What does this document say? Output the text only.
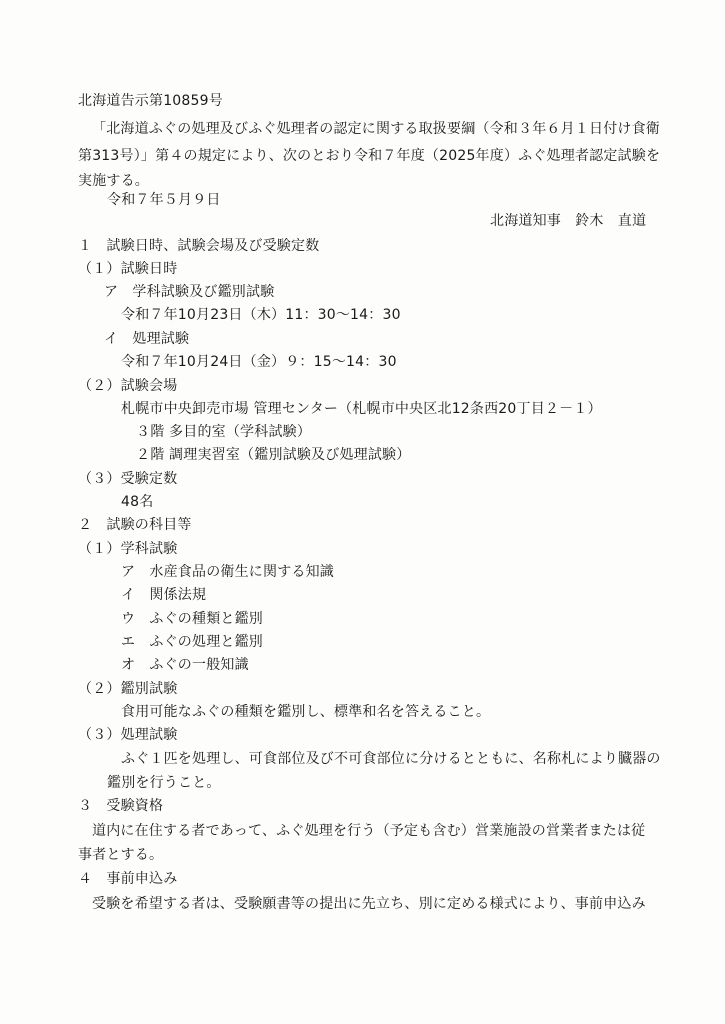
北海道告示第10859号
「北海道ふぐの処理及びふぐ処理者の認定に関する取扱要綱（令和３年６月１日付け食衛
第313号）」第４の規定により、次のとおり令和７年度（2025年度）ふぐ処理者認定試験を
実施する。
令和７年５月９日
北海道知事　鈴木　直道
１　試験日時、試験会場及び受験定数
（１）試験日時
ア　学科試験及び鑑別試験
令和７年10月23日（木）11：30～14：30
イ　処理試験
令和７年10月24日（金）９：15～14：30
（２）試験会場
札幌市中央卸売市場 管理センター（札幌市中央区北12条西20丁目２－１）
３階 多目的室（学科試験）
２階 調理実習室（鑑別試験及び処理試験）
（３）受験定数
48名
２　試験の科目等
（１）学科試験
ア　水産食品の衛生に関する知識
イ　関係法規
ウ　ふぐの種類と鑑別
エ　ふぐの処理と鑑別
オ　ふぐの一般知識
（２）鑑別試験
食用可能なふぐの種類を鑑別し、標準和名を答えること。
（３）処理試験
ふぐ１匹を処理し、可食部位及び不可食部位に分けるとともに、名称札により臓器の
鑑別を行うこと。
３　受験資格
道内に在住する者であって、ふぐ処理を行う（予定も含む）営業施設の営業者または従
事者とする。
４　事前申込み
受験を希望する者は、受験願書等の提出に先立ち、別に定める様式により、事前申込み
